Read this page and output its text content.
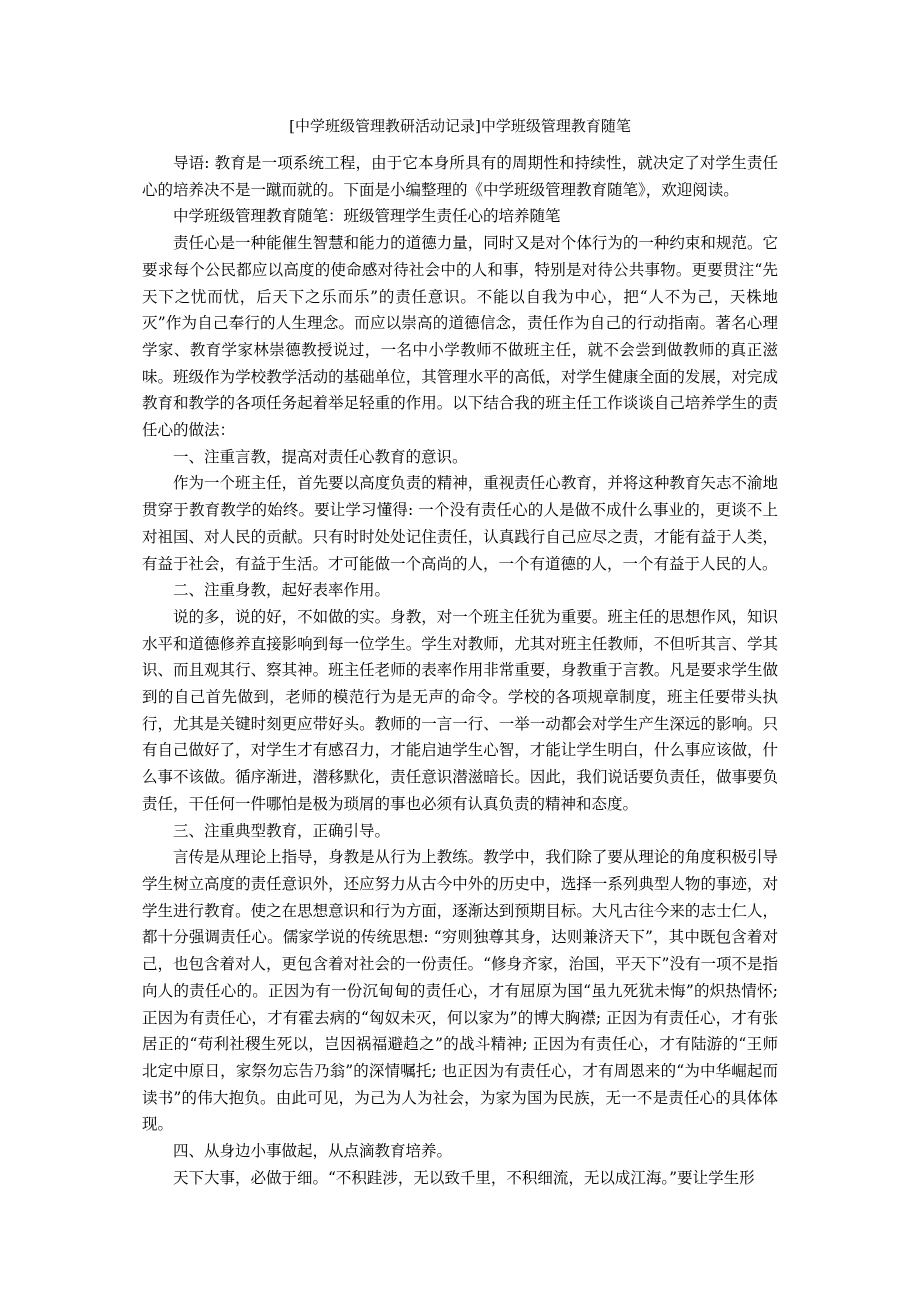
[中学班级管理教研活动记录]中学班级管理教育随笔

导语: 教育是一项系统工程，由于它本身所具有的周期性和持续性，就决定了对学生责任心的培养决不是一蹴而就的。下面是小编整理的《中学班级管理教育随笔》，欢迎阅读。

中学班级管理教育随笔：班级管理学生责任心的培养随笔

责任心是一种能催生智慧和能力的道德力量，同时又是对个体行为的一种约束和规范。它要求每个公民都应以高度的使命感对待社会中的人和事，特别是对待公共事物。更要贯注“先天下之忧而忧，后天下之乐而乐”的责任意识。不能以自我为中心，把“人不为己，天株地灭”作为自己奉行的人生理念。而应以崇高的道德信念，责任作为自己的行动指南。著名心理学家、教育学家林崇德教授说过，一名中小学教师不做班主任，就不会尝到做教师的真正滋味。班级作为学校教学活动的基础单位，其管理水平的高低，对学生健康全面的发展，对完成教育和教学的各项任务起着举足轻重的作用。以下结合我的班主任工作谈谈自己培养学生的责任心的做法：

一、注重言教，提高对责任心教育的意识。

作为一个班主任，首先要以高度负责的精神，重视责任心教育，并将这种教育矢志不渝地贯穿于教育教学的始终。要让学习懂得: 一个没有责任心的人是做不成什么事业的，更谈不上对祖国、对人民的贡献。只有时时处处记住责任，认真践行自己应尽之责，才能有益于人类，有益于社会，有益于生活。才可能做一个高尚的人，一个有道德的人，一个有益于人民的人。

二、注重身教，起好表率作用。

说的多，说的好，不如做的实。身教，对一个班主任犹为重要。班主任的思想作风，知识水平和道德修养直接影响到每一位学生。学生对教师，尤其对班主任教师，不但听其言、学其识、而且观其行、察其神。班主任老师的表率作用非常重要，身教重于言教。凡是要求学生做到的自己首先做到，老师的模范行为是无声的命令。学校的各项规章制度，班主任要带头执行，尤其是关键时刻更应带好头。教师的一言一行、一举一动都会对学生产生深远的影响。只有自己做好了，对学生才有感召力，才能启迪学生心智，才能让学生明白，什么事应该做，什么事不该做。循序渐进，潜移默化，责任意识潜滋暗长。因此，我们说话要负责任，做事要负责任，干任何一件哪怕是极为琐屑的事也必须有认真负责的精神和态度。

三、注重典型教育，正确引导。

言传是从理论上指导，身教是从行为上教练。教学中，我们除了要从理论的角度积极引导学生树立高度的责任意识外，还应努力从古今中外的历史中，选择一系列典型人物的事迹，对学生进行教育。使之在思想意识和行为方面，逐渐达到预期目标。大凡古往今来的志士仁人，都十分强调责任心。儒家学说的传统思想: “穷则独尊其身，达则兼济天下”，其中既包含着对己，也包含着对人，更包含着对社会的一份责任。“修身齐家，治国，平天下”没有一项不是指向人的责任心的。正因为有一份沉甸甸的责任心，才有屈原为国“虽九死犹未悔”的炽热情怀; 正因为有责任心，才有霍去病的“匈奴未灭，何以家为”的博大胸襟; 正因为有责任心，才有张居正的“苟利社稷生死以，岂因祸福避趋之”的战斗精神; 正因为有责任心，才有陆游的“王师北定中原日，家祭勿忘告乃翁”的深情嘱托; 也正因为有责任心，才有周恩来的“为中华崛起而读书”的伟大抱负。由此可见，为己为人为社会，为家为国为民族，无一不是责任心的具体体现。

四、从身边小事做起，从点滴教育培养。

天下大事，必做于细。“不积跬涉，无以致千里，不积细流，无以成江海。”要让学生形
